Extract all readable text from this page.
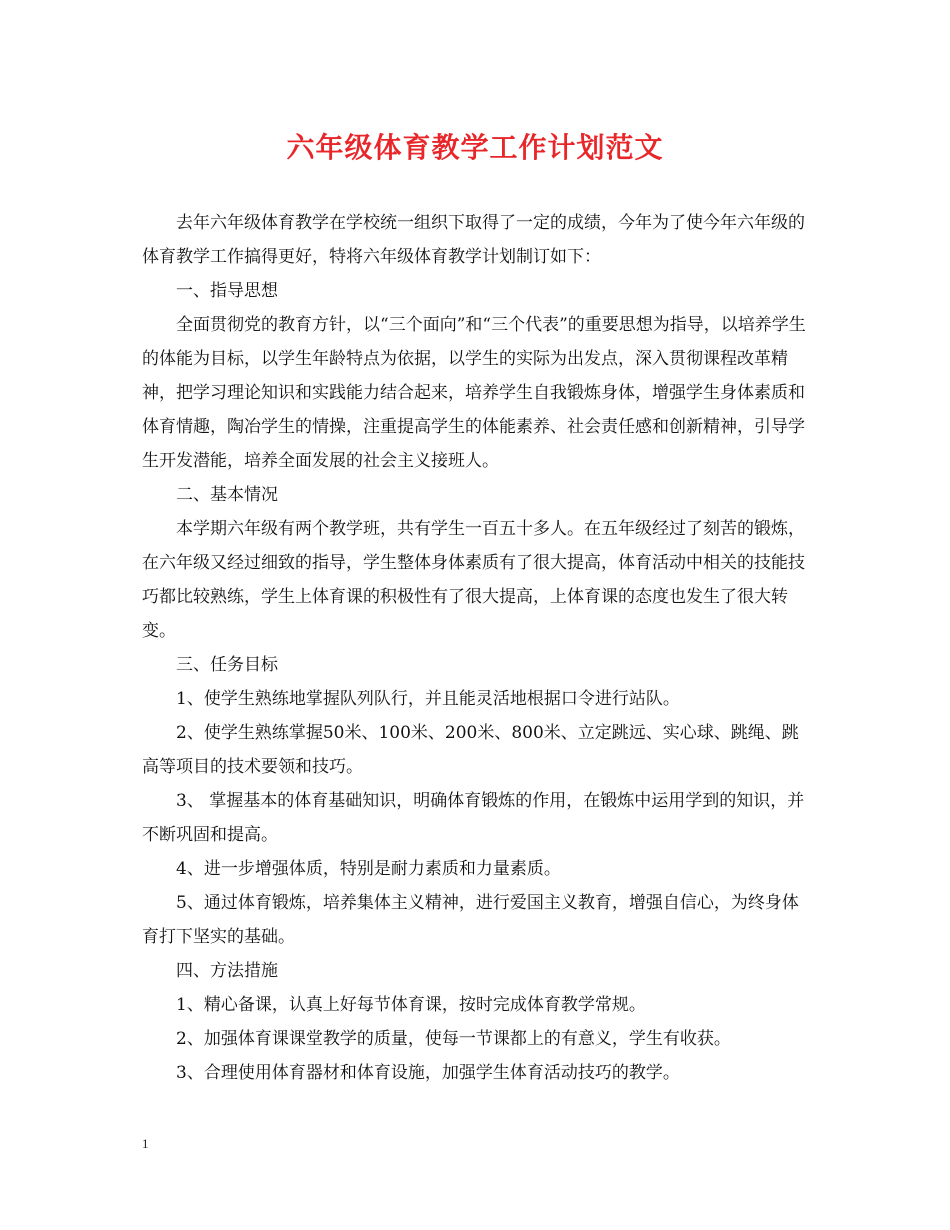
六年级体育教学工作计划范文

去年六年级体育教学在学校统一组织下取得了一定的成绩，今年为了使今年六年级的体育教学工作搞得更好，特将六年级体育教学计划制订如下：

一、指导思想

全面贯彻党的教育方针，以“三个面向”和“三个代表”的重要思想为指导，以培养学生的体能为目标，以学生年龄特点为依据，以学生的实际为出发点，深入贯彻课程改革精神，把学习理论知识和实践能力结合起来，培养学生自我锻炼身体，增强学生身体素质和体育情趣，陶冶学生的情操，注重提高学生的体能素养、社会责任感和创新精神，引导学生开发潜能，培养全面发展的社会主义接班人。

二、基本情况

本学期六年级有两个教学班，共有学生一百五十多人。在五年级经过了刻苦的锻炼，在六年级又经过细致的指导，学生整体身体素质有了很大提高，体育活动中相关的技能技巧都比较熟练，学生上体育课的积极性有了很大提高，上体育课的态度也发生了很大转变。

三、任务目标

1、使学生熟练地掌握队列队行，并且能灵活地根据口令进行站队。

2、使学生熟练掌握50米、100米、200米、800米、立定跳远、实心球、跳绳、跳高等项目的技术要领和技巧。

3、 掌握基本的体育基础知识，明确体育锻炼的作用，在锻炼中运用学到的知识，并不断巩固和提高。

4、进一步增强体质，特别是耐力素质和力量素质。

5、通过体育锻炼，培养集体主义精神，进行爱国主义教育，增强自信心，为终身体育打下坚实的基础。

四、方法措施

1、精心备课，认真上好每节体育课，按时完成体育教学常规。

2、加强体育课课堂教学的质量，使每一节课都上的有意义，学生有收获。

3、合理使用体育器材和体育设施，加强学生体育活动技巧的教学。

1
